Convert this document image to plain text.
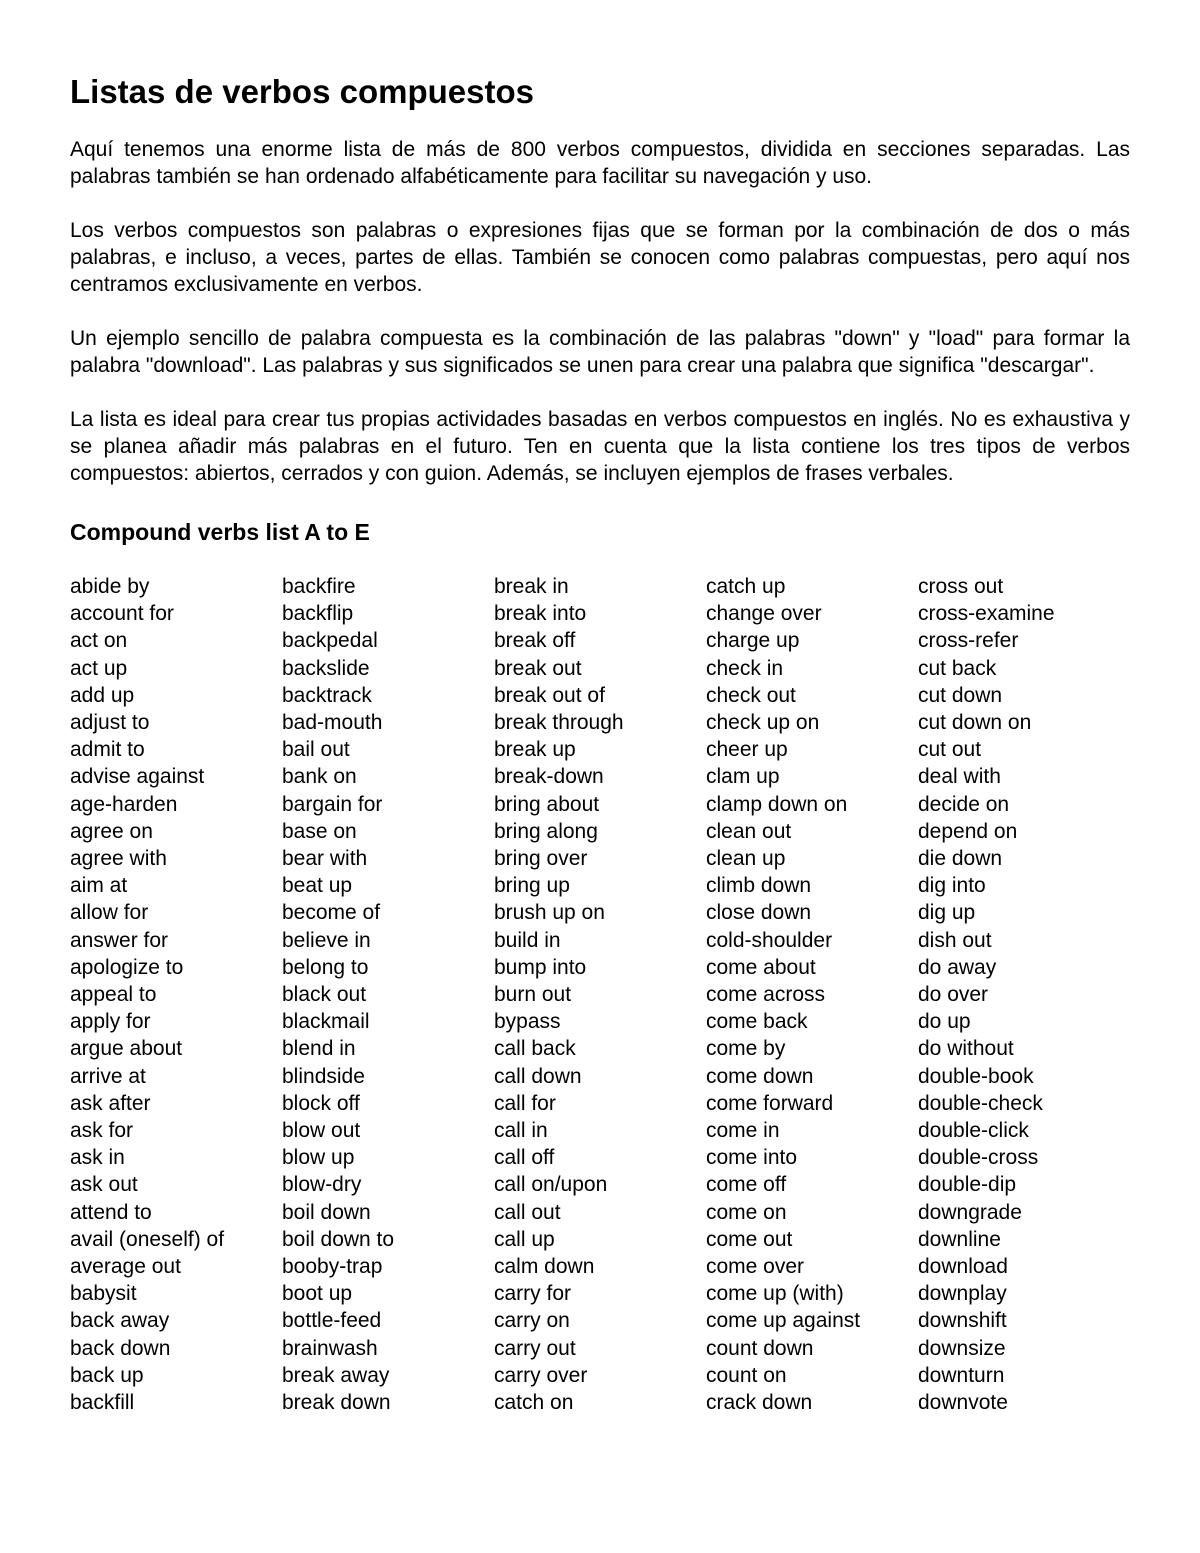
Listas de verbos compuestos

Aquí tenemos una enorme lista de más de 800 verbos compuestos, dividida en secciones separadas. Las palabras también se han ordenado alfabéticamente para facilitar su navegación y uso.

Los verbos compuestos son palabras o expresiones fijas que se forman por la combinación de dos o más palabras, e incluso, a veces, partes de ellas. También se conocen como palabras compuestas, pero aquí nos centramos exclusivamente en verbos.

Un ejemplo sencillo de palabra compuesta es la combinación de las palabras "down" y "load" para formar la palabra "download". Las palabras y sus significados se unen para crear una palabra que significa "descargar".

La lista es ideal para crear tus propias actividades basadas en verbos compuestos en inglés. No es exhaustiva y se planea añadir más palabras en el futuro. Ten en cuenta que la lista contiene los tres tipos de verbos compuestos: abiertos, cerrados y con guion. Además, se incluyen ejemplos de frases verbales.

Compound verbs list A to E
abide by
account for
act on
act up
add up
adjust to
admit to
advise against
age-harden
agree on
agree with
aim at
allow for
answer for
apologize to
appeal to
apply for
argue about
arrive at
ask after
ask for
ask in
ask out
attend to
avail (oneself) of
average out
babysit
back away
back down
back up
backfill
backfire
backflip
backpedal
backslide
backtrack
bad-mouth
bail out
bank on
bargain for
base on
bear with
beat up
become of
believe in
belong to
black out
blackmail
blend in
blindside
block off
blow out
blow up
blow-dry
boil down
boil down to
booby-trap
boot up
bottle-feed
brainwash
break away
break down
break in
break into
break off
break out
break out of
break through
break up
break-down
bring about
bring along
bring over
bring up
brush up on
build in
bump into
burn out
bypass
call back
call down
call for
call in
call off
call on/upon
call out
call up
calm down
carry for
carry on
carry out
carry over
catch on
catch up
change over
charge up
check in
check out
check up on
cheer up
clam up
clamp down on
clean out
clean up
climb down
close down
cold-shoulder
come about
come across
come back
come by
come down
come forward
come in
come into
come off
come on
come out
come over
come up (with)
come up against
count down
count on
crack down
cross out
cross-examine
cross-refer
cut back
cut down
cut down on
cut out
deal with
decide on
depend on
die down
dig into
dig up
dish out
do away
do over
do up
do without
double-book
double-check
double-click
double-cross
double-dip
downgrade
downline
download
downplay
downshift
downsize
downturn
downvote
